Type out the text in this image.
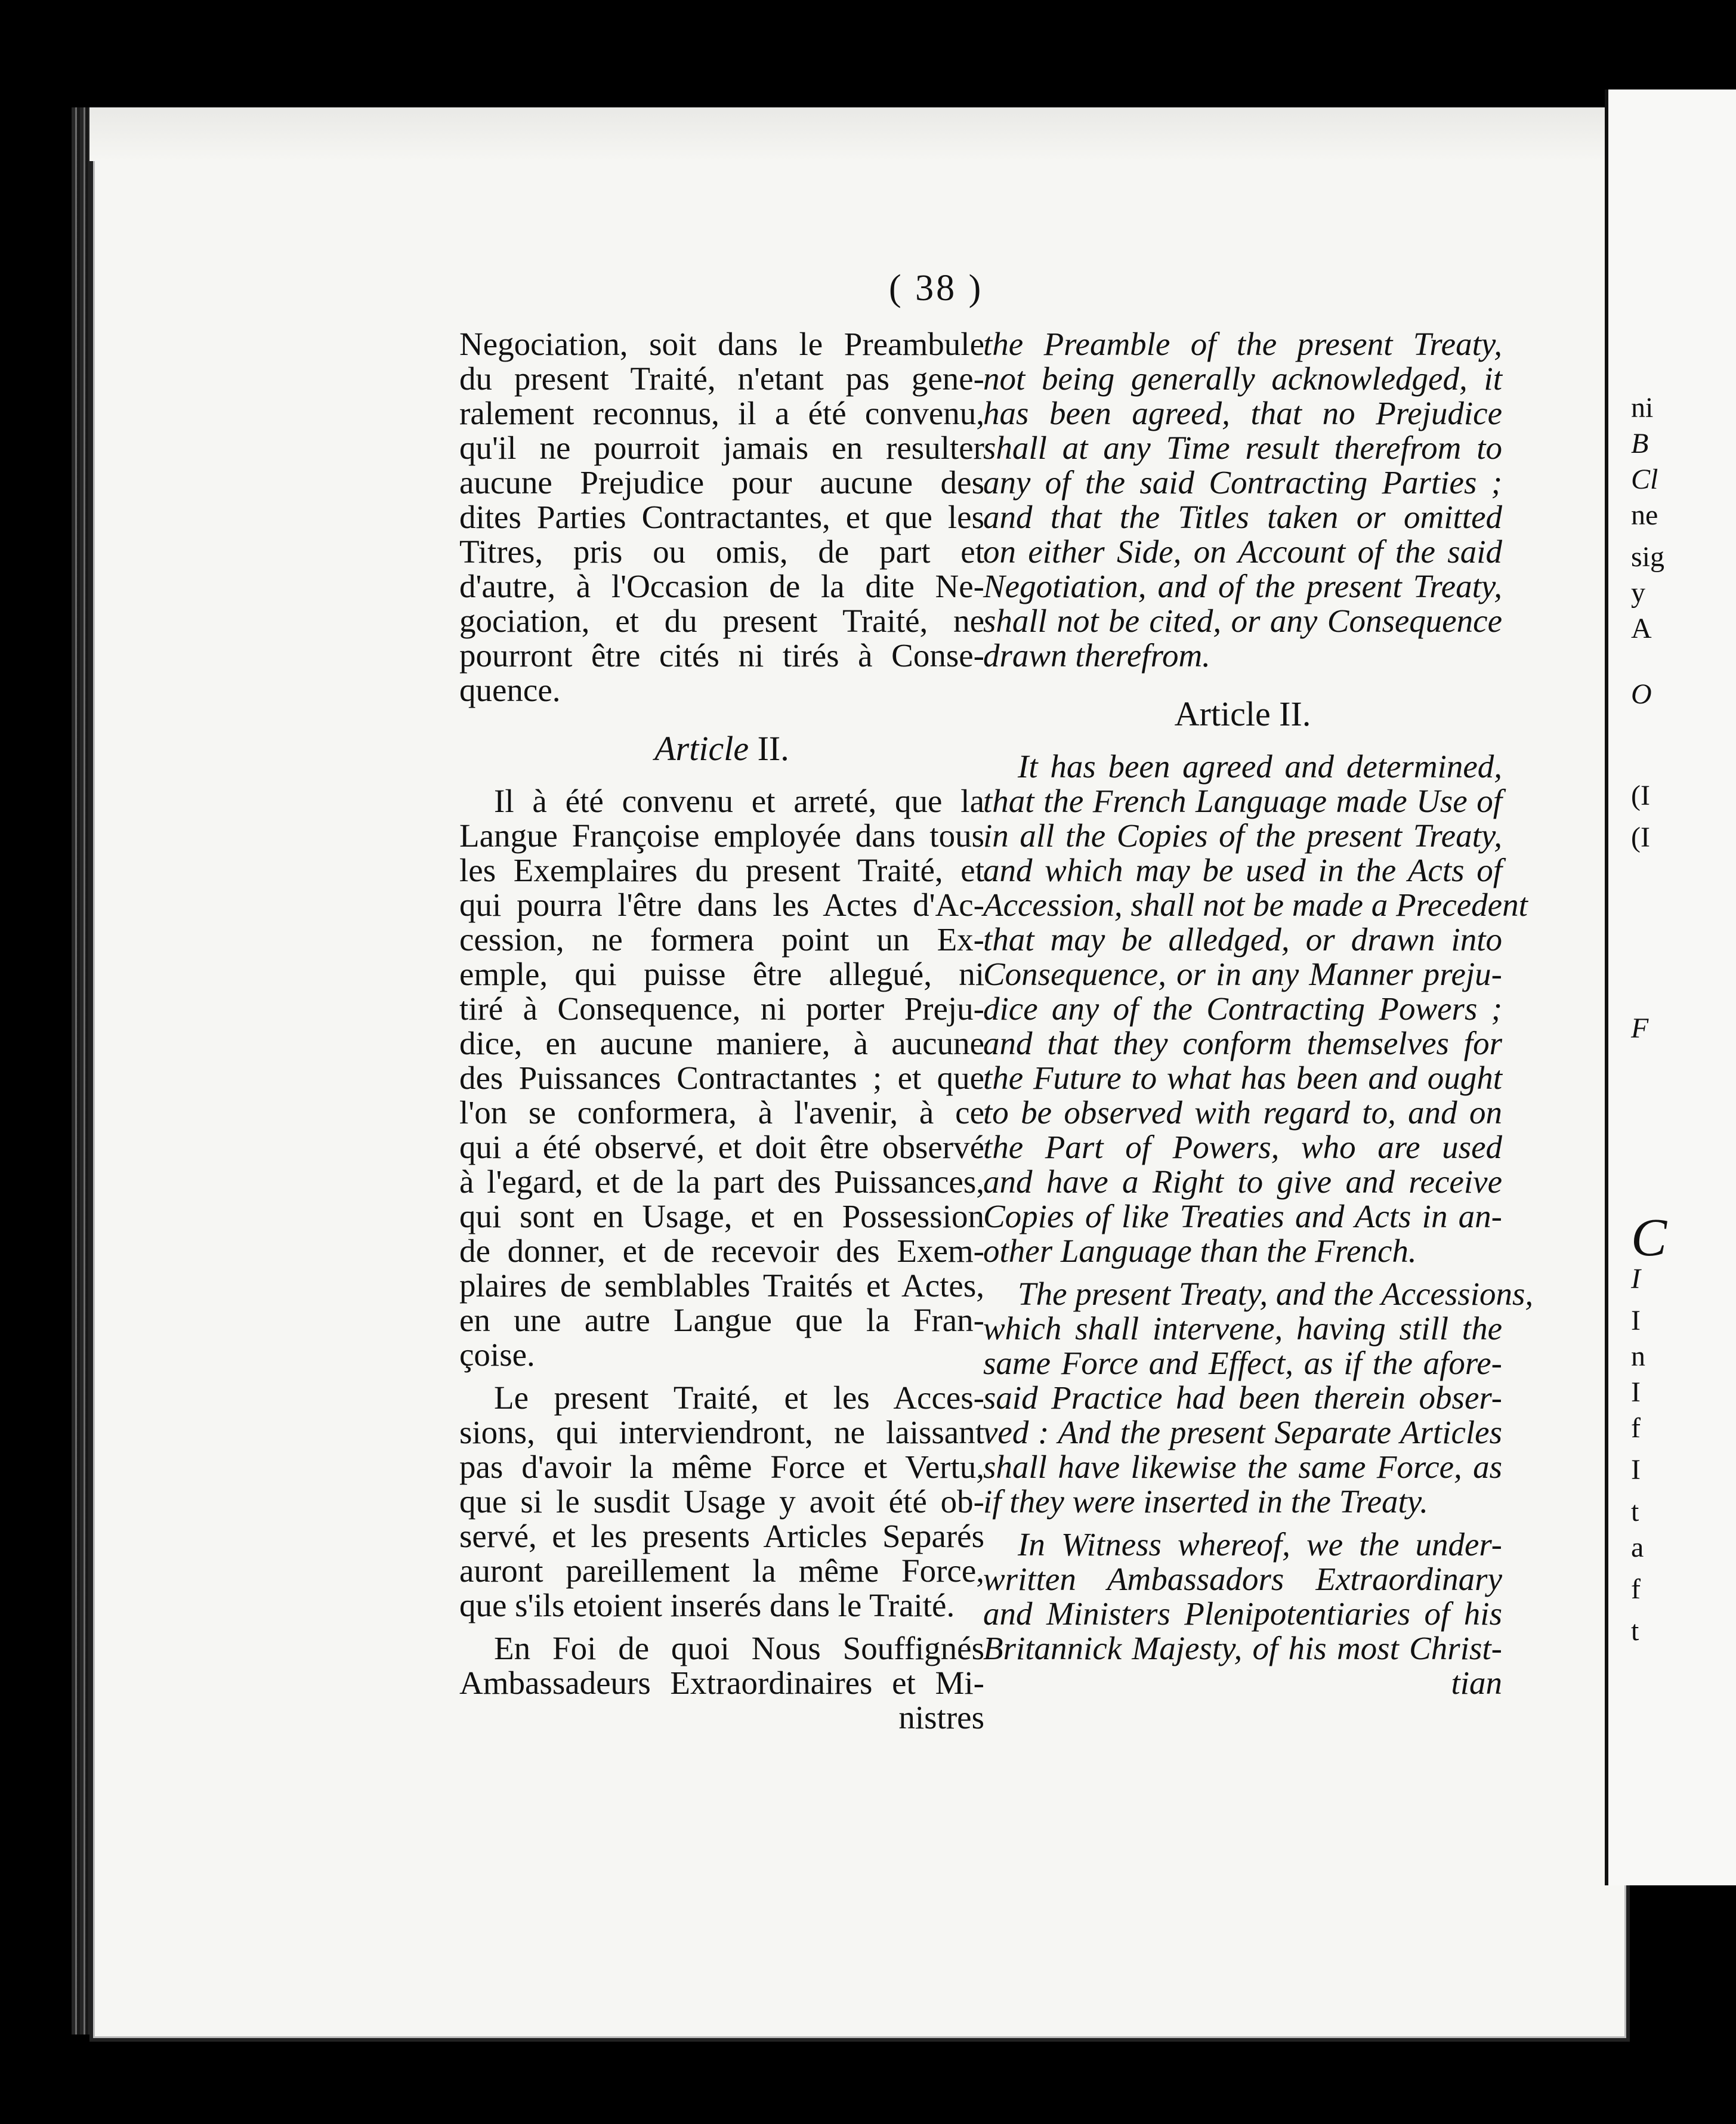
ni
B
Cl
ne
sig
y
A
O
(I
(I
F
C
I
I
n
I
f
I
t
a
f
t
( 38 )

Negociation, soit dans le Preambule
du present Traité, n'etant pas gene-
ralement reconnus, il a été convenu,
qu'il ne pourroit jamais en resulter
aucune Prejudice pour aucune des
dites Parties Contractantes, et que les
Titres, pris ou omis, de part et
d'autre, à l'Occasion de la dite Ne-
gociation, et du present Traité, ne
pourront être cités ni tirés à Conse-
quence.

Article II.

Il à été convenu et arreté, que la
Langue Françoise employée dans tous
les Exemplaires du present Traité, et
qui pourra l'être dans les Actes d'Ac-
cession, ne formera point un Ex-
emple, qui puisse être allegué, ni
tiré à Consequence, ni porter Preju-
dice, en aucune maniere, à aucune
des Puissances Contractantes ; et que
l'on se conformera, à l'avenir, à ce
qui a été observé, et doit être observé
à l'egard, et de la part des Puissances,
qui sont en Usage, et en Possession
de donner, et de recevoir des Exem-
plaires de semblables Traités et Actes,
en une autre Langue que la Fran-
çoise.

Le present Traité, et les Acces-
sions, qui interviendront, ne laissant
pas d'avoir la même Force et Vertu,
que si le susdit Usage y avoit été ob-
servé, et les presents Articles Separés
auront pareillement la même Force,
que s'ils etoient inserés dans le Traité.

En Foi de quoi Nous Souffignés
Ambassadeurs Extraordinaires et Mi-
nistres

the Preamble of the present Treaty,
not being generally acknowledged, it
has been agreed, that no Prejudice
shall at any Time result therefrom to
any of the said Contracting Parties ;
and that the Titles taken or omitted
on either Side, on Account of the said
Negotiation, and of the present Treaty,
shall not be cited, or any Consequence
drawn therefrom.

Article II.

It has been agreed and determined,
that the French Language made Use of
in all the Copies of the present Treaty,
and which may be used in the Acts of
Accession, shall not be made a Precedent
that may be alledged, or drawn into
Consequence, or in any Manner preju-
dice any of the Contracting Powers ;
and that they conform themselves for
the Future to what has been and ought
to be observed with regard to, and on
the Part of Powers, who are used
and have a Right to give and receive
Copies of like Treaties and Acts in an-
other Language than the French.

The present Treaty, and the Accessions,
which shall intervene, having still the
same Force and Effect, as if the afore-
said Practice had been therein obser-
ved : And the present Separate Articles
shall have likewise the same Force, as
if they were inserted in the Treaty.

In Witness whereof, we the under-
written Ambassadors Extraordinary
and Ministers Plenipotentiaries of his
Britannick Majesty, of his most Christ-
tian
